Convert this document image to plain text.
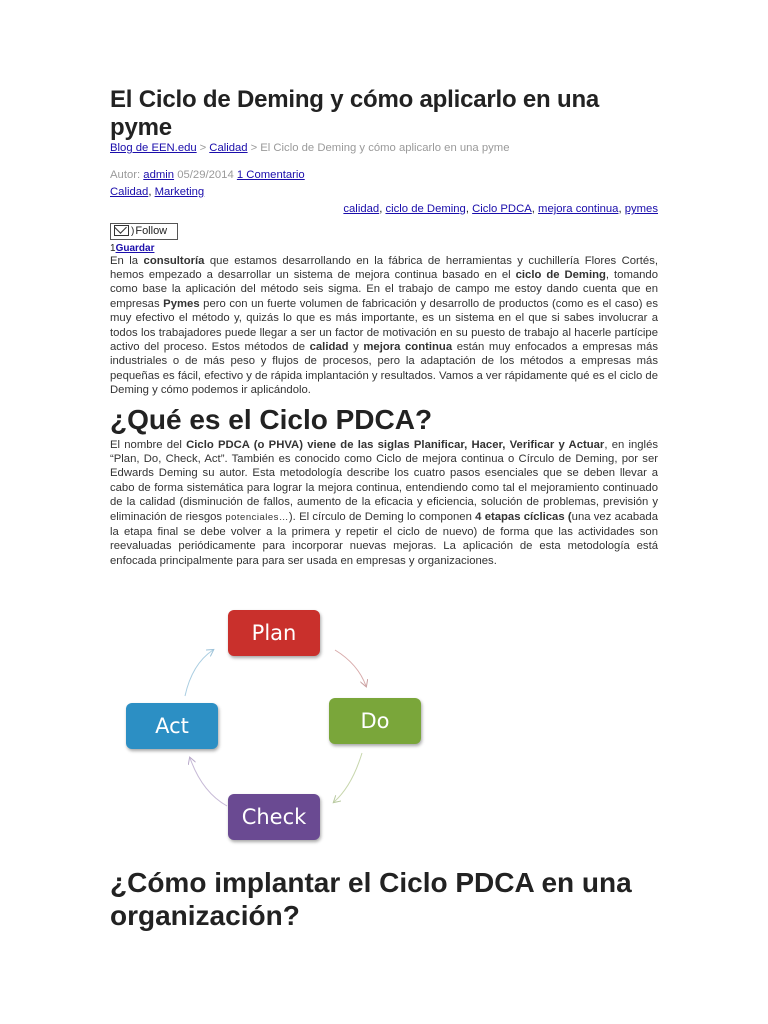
El Ciclo de Deming y cómo aplicarlo en una pyme
Blog de EEN.edu > Calidad > El Ciclo de Deming y cómo aplicarlo en una pyme
Autor: admin 05/29/2014 1 Comentario
Calidad, Marketing
calidad, ciclo de Deming, Ciclo PDCA, mejora continua, pymes
) Follow
1Guardar

En la consultoría que estamos desarrollando en la fábrica de herramientas y cuchillería Flores Cortés, hemos empezado a desarrollar un sistema de mejora continua basado en el ciclo de Deming, tomando como base la aplicación del método seis sigma. En el trabajo de campo me estoy dando cuenta que en empresas Pymes pero con un fuerte volumen de fabricación y desarrollo de productos (como es el caso) es muy efectivo el método y, quizás lo que es más importante, es un sistema en el que si sabes involucrar a todos los trabajadores puede llegar a ser un factor de motivación en su puesto de trabajo al hacerle partícipe activo del proceso. Estos métodos de calidad y mejora continua están muy enfocados a empresas más industriales o de más peso y flujos de procesos, pero la adaptación de los métodos a empresas más pequeñas es fácil, efectivo y de rápida implantación y resultados. Vamos a ver rápidamente qué es el ciclo de Deming y cómo podemos ir aplicándolo.

¿Qué es el Ciclo PDCA?

El nombre del Ciclo PDCA (o PHVA) viene de las siglas Planificar, Hacer, Verificar y Actuar, en inglés “Plan, Do, Check, Act”. También es conocido como Ciclo de mejora continua o Círculo de Deming, por ser Edwards Deming su autor. Esta metodología describe los cuatro pasos esenciales que se deben llevar a cabo de forma sistemática para lograr la mejora continua, entendiendo como tal el mejoramiento continuado de la calidad (disminución de fallos, aumento de la eficacia y eficiencia, solución de problemas, previsión y eliminación de riesgos potenciales…). El círculo de Deming lo componen 4 etapas cíclicas (una vez acabada la etapa final se debe volver a la primera y repetir el ciclo de nuevo) de forma que las actividades son reevaluadas periódicamente para incorporar nuevas mejoras. La aplicación de esta metodología está enfocada principalmente para para ser usada en empresas y organizaciones.

Plan
Do
Check
Act
¿Cómo implantar el Ciclo PDCA en una organización?
